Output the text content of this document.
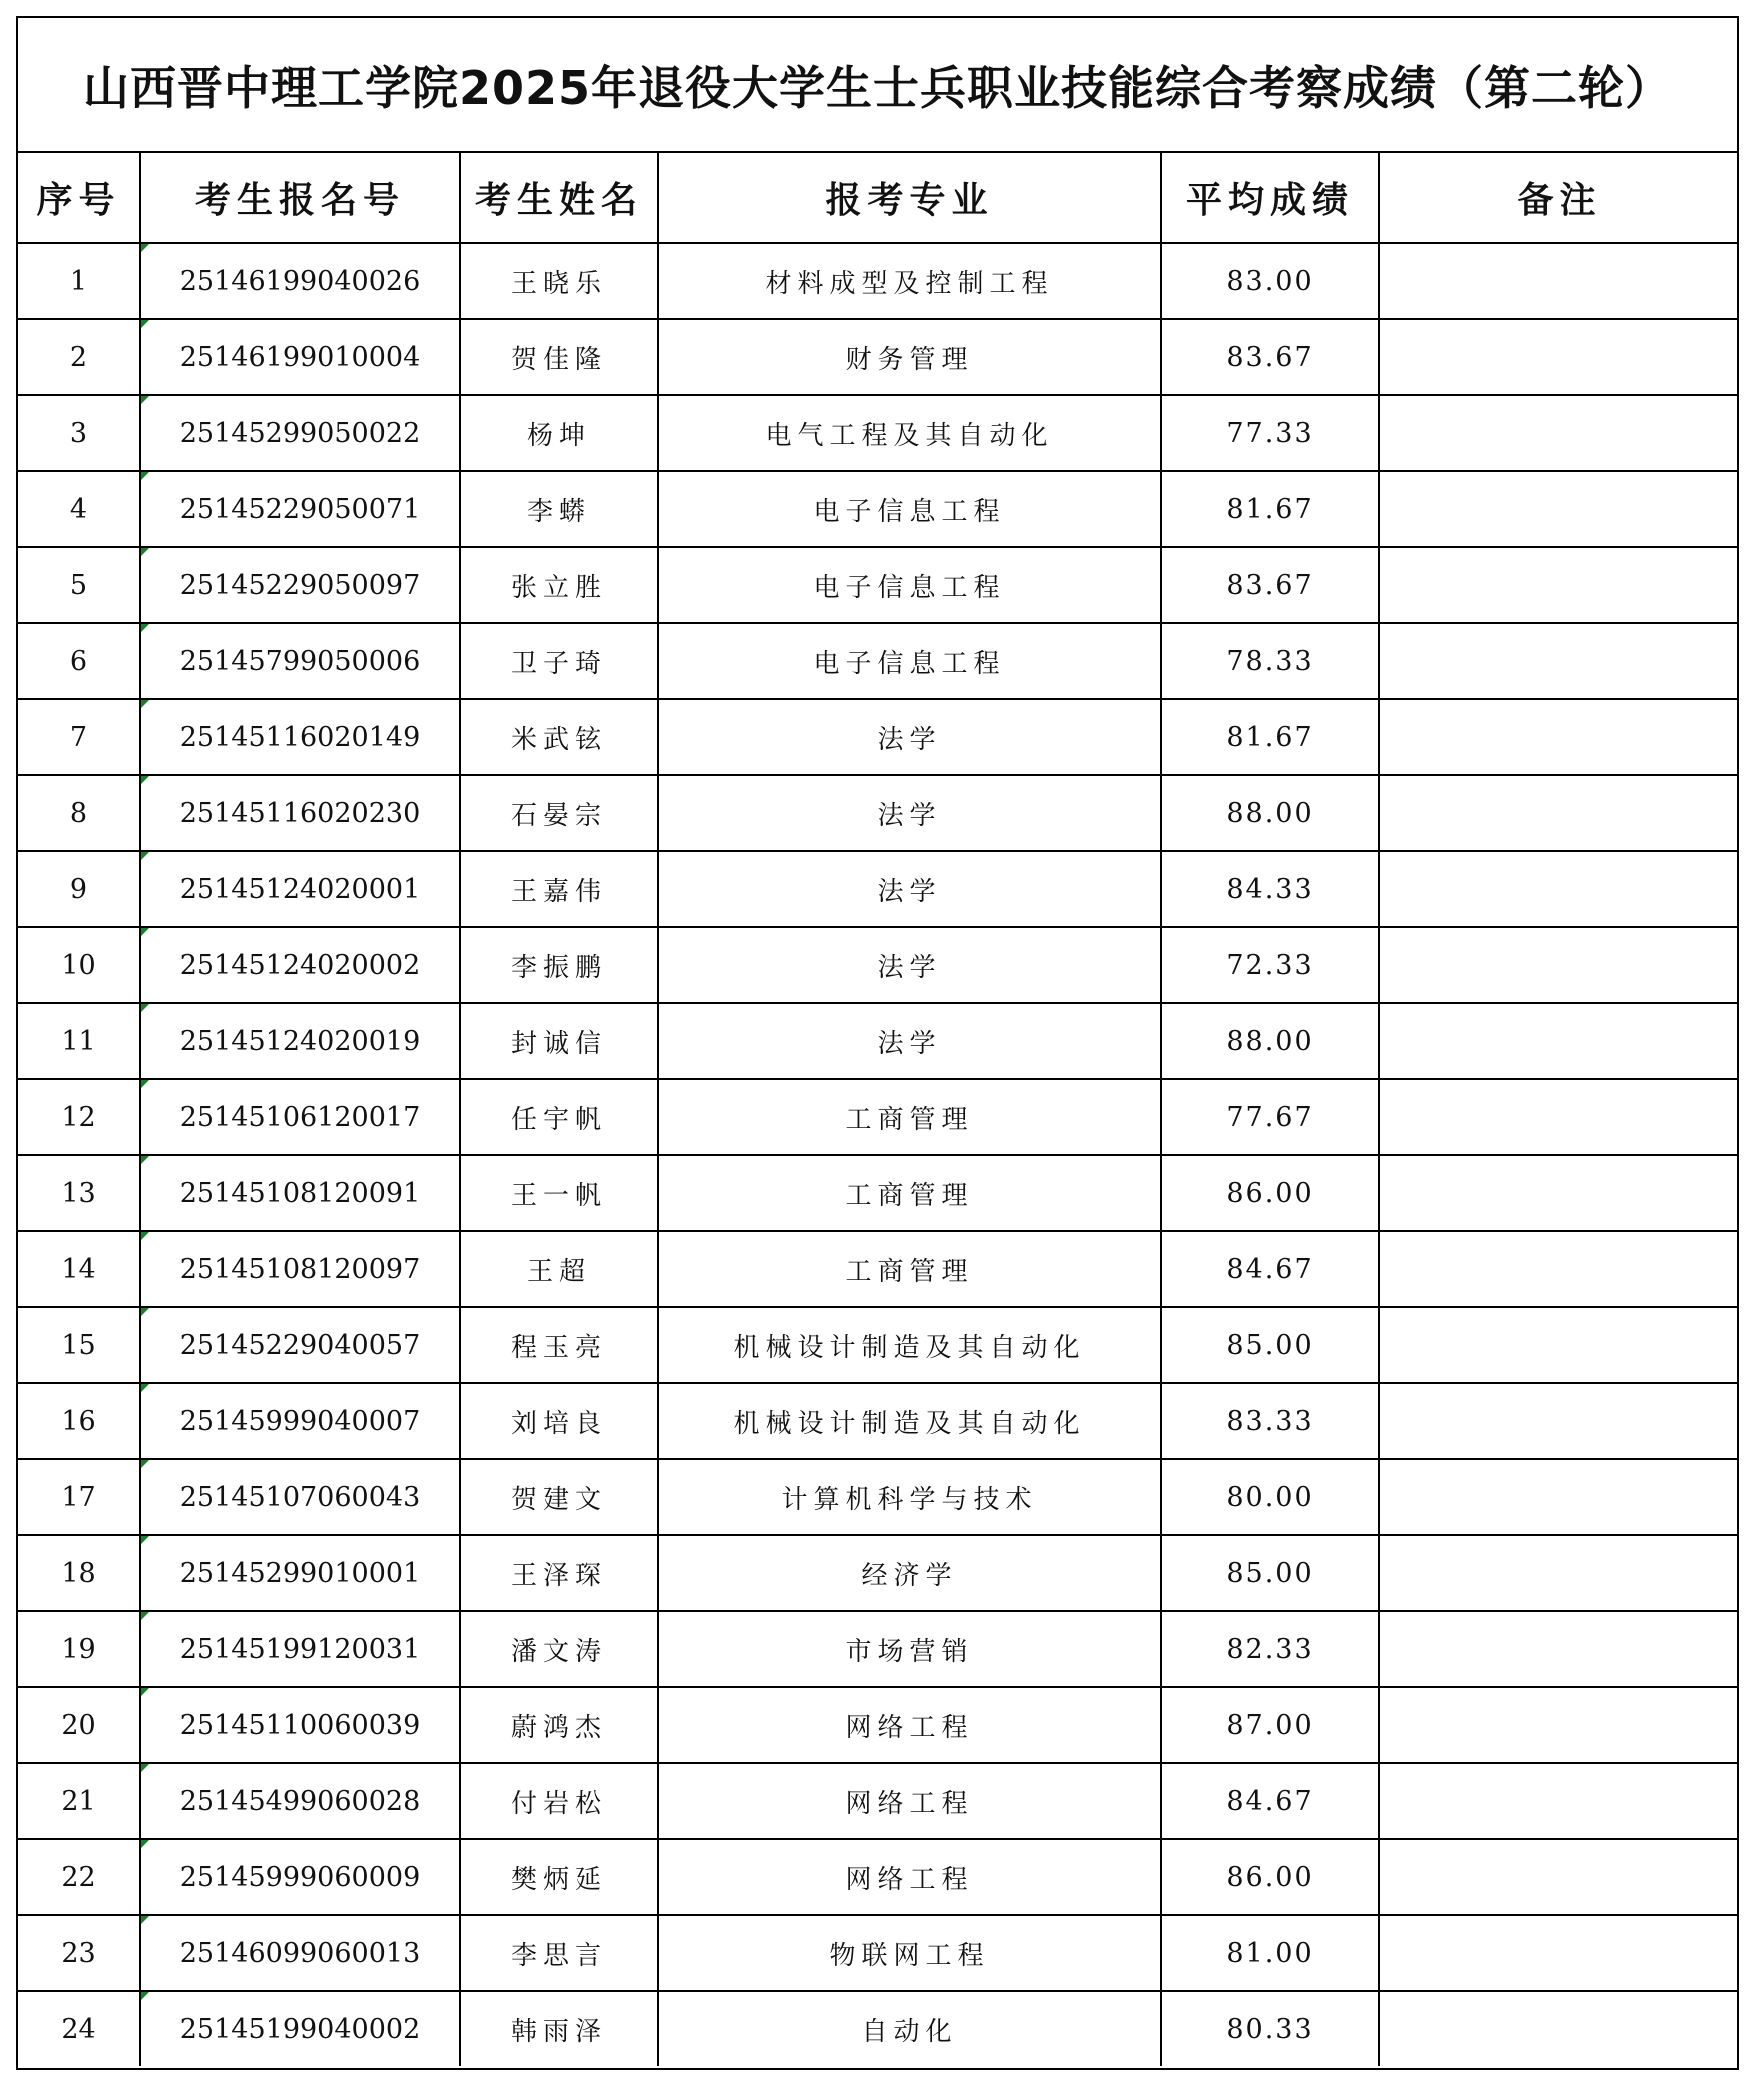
山西晋中理工学院2025年退役大学生士兵职业技能综合考察成绩（第二轮）
序号	考生报名号	考生姓名	报考专业	平均成绩	备注
1	25146199040026	王晓乐	材料成型及控制工程	83.00	
2	25146199010004	贺佳隆	财务管理	83.67	
3	25145299050022	杨坤	电气工程及其自动化	77.33	
4	25145229050071	李蟒	电子信息工程	81.67	
5	25145229050097	张立胜	电子信息工程	83.67	
6	25145799050006	卫子琦	电子信息工程	78.33	
7	25145116020149	米武铉	法学	81.67	
8	25145116020230	石晏宗	法学	88.00	
9	25145124020001	王嘉伟	法学	84.33	
10	25145124020002	李振鹏	法学	72.33	
11	25145124020019	封诚信	法学	88.00	
12	25145106120017	任宇帆	工商管理	77.67	
13	25145108120091	王一帆	工商管理	86.00	
14	25145108120097	王超	工商管理	84.67	
15	25145229040057	程玉亮	机械设计制造及其自动化	85.00	
16	25145999040007	刘培良	机械设计制造及其自动化	83.33	
17	25145107060043	贺建文	计算机科学与技术	80.00	
18	25145299010001	王泽琛	经济学	85.00	
19	25145199120031	潘文涛	市场营销	82.33	
20	25145110060039	蔚鸿杰	网络工程	87.00	
21	25145499060028	付岩松	网络工程	84.67	
22	25145999060009	樊炳延	网络工程	86.00	
23	25146099060013	李思言	物联网工程	81.00	
24	25145199040002	韩雨泽	自动化	80.33	
